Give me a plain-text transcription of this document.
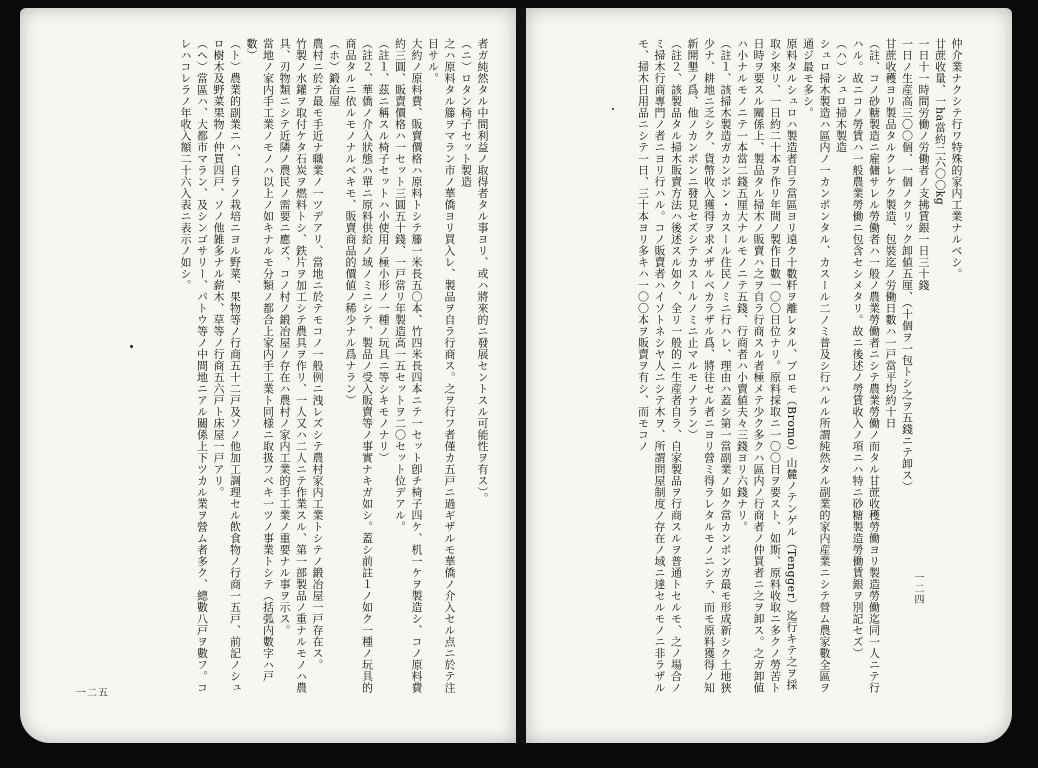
者ガ純然タル中間利益ノ取得者タル事ヨリ、或ハ將來的ニ發展セントスル可能性ヲ有ス）。

（ニ）ロタン椅子セット製造

之ハ原料タル籐ヲマラン市ノ華僑ヨリ買入レ、製品ヲ自ラ行商ス。之ヲ行フ者僅カ五戸ニ過ギザルモ華僑ノ介入セル点ニ於テ注目サル。

大約ノ原料費、販賣價格ハ原料トシテ籐一米長五〇本、竹四米長四本ニテ一セット卽チ椅子四ケ、机一ケヲ製造シ、コノ原料費約三圓、販賣價格ハ一セット三圓五十錢、一戸當リ年製造高一五セットヲ二〇セット位デアル。

（註１、茲ニ稱スル椅子セットハ小使用ノ極小形ノ一種ノ玩具ニ等シキモノナリ）

（註２、華僑ノ介入狀態ハ單ニ原料供給ノ域ノミニシテ、製品ノ受入販賣等ノ事實ナキガ如シ。蓋シ前註１ノ如ク一種ノ玩具的商品タルニ依ルモノナルベキモ、販賣商品的價値ノ稀少ナル爲ナラン）

（ホ）鍛冶屋

農村ニ於テ最モ手近ナ職業ノ一ツデアリ、當地ニ於テモコノ一般例ニ洩レズシテ農村家内工業トシテノ鍛冶屋一戸存在ス。

竹製ノ水鑵ヲ取付ケタ石炭ヲ燃料トシ、鉄片ヲ加工シテ農具ヲ作リ、一人又ハ二人ニテ作業スル、第一部製品ノ重ナルモノハ農具、刃物類ニシテ近隣ノ農民ノ需要ニ應ズ、コノ村ノ鍛冶屋ノ存在ハ農村ノ家内工業的手工業ノ重要ナル事ヲ示ス。

當地ノ家内手工業ノモノハ以上ノ如キナルモ分類ノ都合上家内手工業ト同様ニ取扱フベキ一ツノ事業トシテ（括弧内數字ハ戸數）

（ト）農業的副業ニハ、自ラノ栽培ニヨル野菜、果物等ノ行商五十二戸及ソノ他加工調理セル飲食物ノ行商一五戸、前記ノシュロ樹木及野菜果物ノ仲買四戸、ソノ他雑多ナル薪木、草等ノ行商五六戸ト床屋一戸アリ。

（ヘ）當區ハ、大都市マラン、及シンゴサリー、パトウ等ノ中間地ニアル關係上下ツカル業ヲ營ム者多ク、總數八戸ヲ數フ。コレハコレラノ年收入額二十六入表ニ表示ノ如シ。

一二五

仲介業ナクシテ行ワ特殊的家内工業ナルベシ。

廿蔗收量、一ha當約二六〇〇kg

一日十一時間労働ノ労働者ノ支拂賃銀一日三十錢

一日ノ生産高三〇〇個、一個ノクリック卸値五厘、（十個ヲ一包トシ之ヲ五錢ニテ卸ス）

甘蔗收穫ヨリ製品タルクレケク製造、包裝迄ノ労働日數ハ一戸當平均約十日

（註、コノ砂糖製造ニ雇傭サレル勞働者ハ一般ノ農業勞働者ニシテ農業勞働ノ而タル甘蔗收穫勞働ヨリ製造勞働迄同一人ニテ行ハル。故ニコノ勞賃ハ一般農業勞働ニ包含セシメタリ。故ニ後述ノ勞賃收入ノ項ニハ特ニ砂糖製造勞働賃銀ヲ別記セズ）

（ハ）シュロ掃木製造

シュロ掃木製造ハ區内ノ一カンポンタル、カスール二ノミ普及シ行ハルル所謂純然タル副業的家内産業ニシテ營ム農家數全區ヲ通ジ最モ多シ。

原料タルシュロハ製造者自ラ當區ヨリ遠ク十數粁ヲ離レタル、ブロモ（Bromo）山麓ノテンゲル（Tengger）迄行キテ之ヲ採取シ來リ、一日約二十本ヲ作リ年間ノ製作日數一〇〇日位ナリ。原料採取ニ一〇〇日ヲ要スト、如斯、原料收取ニ多クノ勞苦ト日時ヲ要スル關係上、製品タル掃木ノ販賣ハ之ヲ自ラ行商スル者極メテ少ク多クハ區内ノ行商者ノ仲買者ニ之ヲ卸ス。之ガ卸値ハ小ナルモノニテ一本當二錢五厘大ナルモノニテ五錢、行商者ハ小賣値夫々三錢ヨリ六錢ナリ。

（註１、該掃木製造ガカンポン・カスール住民ノミニ行ハレ、理由ハ蓋シ第一當副業ノ如ク當カンポンガ最モ形成新シク土地狹少ナ、耕地ニ乏シク、貨幣收入獲得ヲ求メザルベカラザル爲、將往セル者ニヨリ營ミ得ラレタルモノニシテ、而モ原料獲得ノ知新開墾ノ爲、他ノカンポンニ發見セズシテカスールノミニ止マルモノナラン）

（註２、該製品タル掃木販賣方法ハ後述スル如ク、全リ一般的ニ生産者自ラ、自家製品ヲ行商スルヲ普通トセルモ、之ノ場合ノミ掃木行商專門ノ者ニヨリ行ハル。コノ販賣者ハイソトネシヤ人ニシテ木ヲ、所謂問屋制度ノ存在ノ域ニ達セルモノニ非ラザルモ、掃木日用品ニシテ一日、三十本ヨリ多キハ一〇〇本ヲ販賣ヲ有シ、而モコノ

一二四
